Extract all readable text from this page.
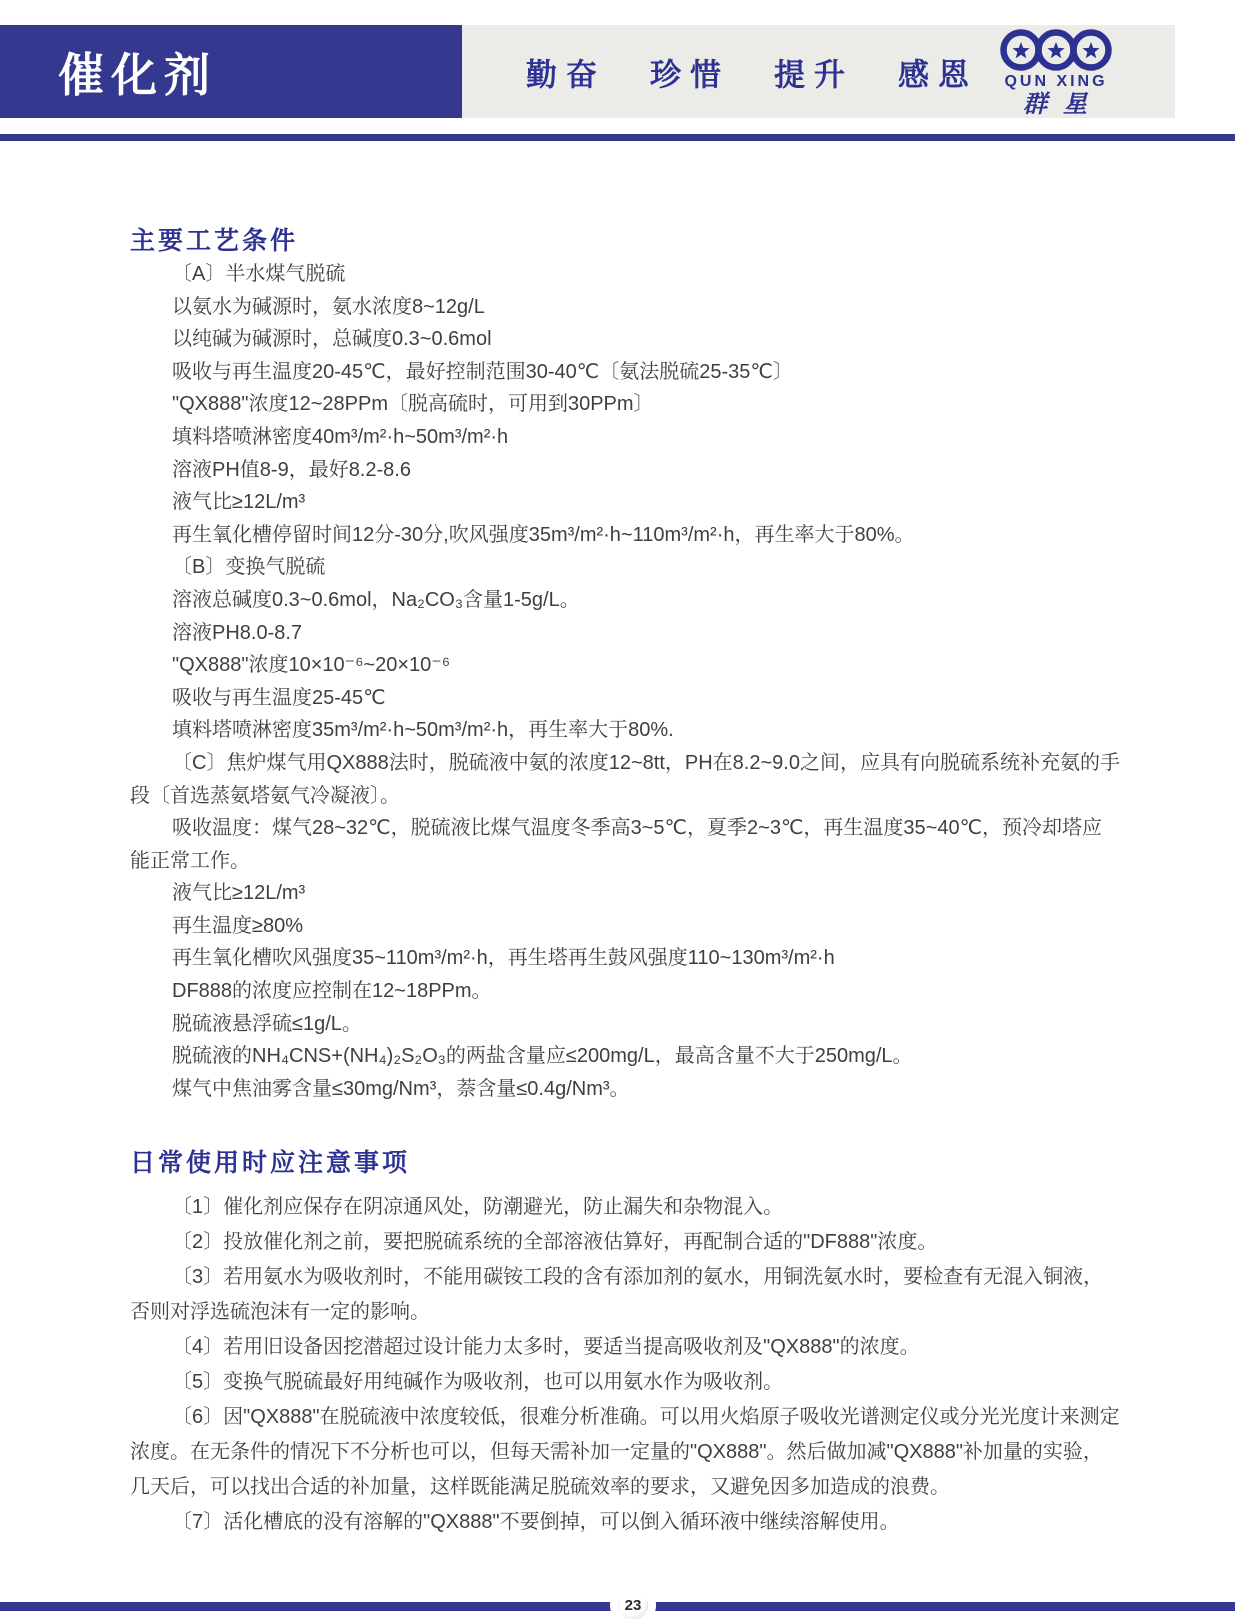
催化剂	勤奋 珍惜 提升 感恩	QUN XING
群星
主要工艺条件

〔A〕半水煤气脱硫

以氨水为碱源时，氨水浓度8~12g/L

以纯碱为碱源时，总碱度0.3~0.6mol

吸收与再生温度20-45℃，最好控制范围30-40℃〔氨法脱硫25-35℃〕

"QX888"浓度12~28PPm〔脱高硫时，可用到30PPm〕

填料塔喷淋密度40m³/m²·h~50m³/m²·h

溶液PH值8-9，最好8.2-8.6

液气比≥12L/m³

再生氧化槽停留时间12分-30分,吹风强度35m³/m²·h~110m³/m²·h，再生率大于80%。

〔B〕变换气脱硫

溶液总碱度0.3~0.6mol，Na₂CO₃含量1-5g/L。

溶液PH8.0-8.7

"QX888"浓度10×10⁻⁶~20×10⁻⁶

吸收与再生温度25-45℃

填料塔喷淋密度35m³/m²·h~50m³/m²·h，再生率大于80%.

〔C〕焦炉煤气用QX888法时，脱硫液中氨的浓度12~8tt，PH在8.2~9.0之间，应具有向脱硫系统补充氨的手段〔首选蒸氨塔氨气冷凝液〕。

吸收温度：煤气28~32℃，脱硫液比煤气温度冬季高3~5℃，夏季2~3℃，再生温度35~40℃，预冷却塔应能正常工作。

液气比≥12L/m³

再生温度≥80%

再生氧化槽吹风强度35~110m³/m²·h，再生塔再生鼓风强度110~130m³/m²·h

DF888的浓度应控制在12~18PPm。

脱硫液悬浮硫≤1g/L。

脱硫液的NH₄CNS+(NH₄)₂S₂O₃的两盐含量应≤200mg/L，最高含量不大于250mg/L。

煤气中焦油雾含量≤30mg/Nm³，萘含量≤0.4g/Nm³。

日常使用时应注意事项

〔1〕催化剂应保存在阴凉通风处，防潮避光，防止漏失和杂物混入。

〔2〕投放催化剂之前，要把脱硫系统的全部溶液估算好，再配制合适的"DF888"浓度。

〔3〕若用氨水为吸收剂时，不能用碳铵工段的含有添加剂的氨水，用铜洗氨水时，要检查有无混入铜液，否则对浮选硫泡沫有一定的影响。

〔4〕若用旧设备因挖潜超过设计能力太多时，要适当提高吸收剂及"QX888"的浓度。

〔5〕变换气脱硫最好用纯碱作为吸收剂，也可以用氨水作为吸收剂。

〔6〕因"QX888"在脱硫液中浓度较低，很难分析准确。可以用火焰原子吸收光谱测定仪或分光光度计来测定浓度。在无条件的情况下不分析也可以，但每天需补加一定量的"QX888"。然后做加减"QX888"补加量的实验，几天后，可以找出合适的补加量，这样既能满足脱硫效率的要求，又避免因多加造成的浪费。

〔7〕活化槽底的没有溶解的"QX888"不要倒掉，可以倒入循环液中继续溶解使用。

23
